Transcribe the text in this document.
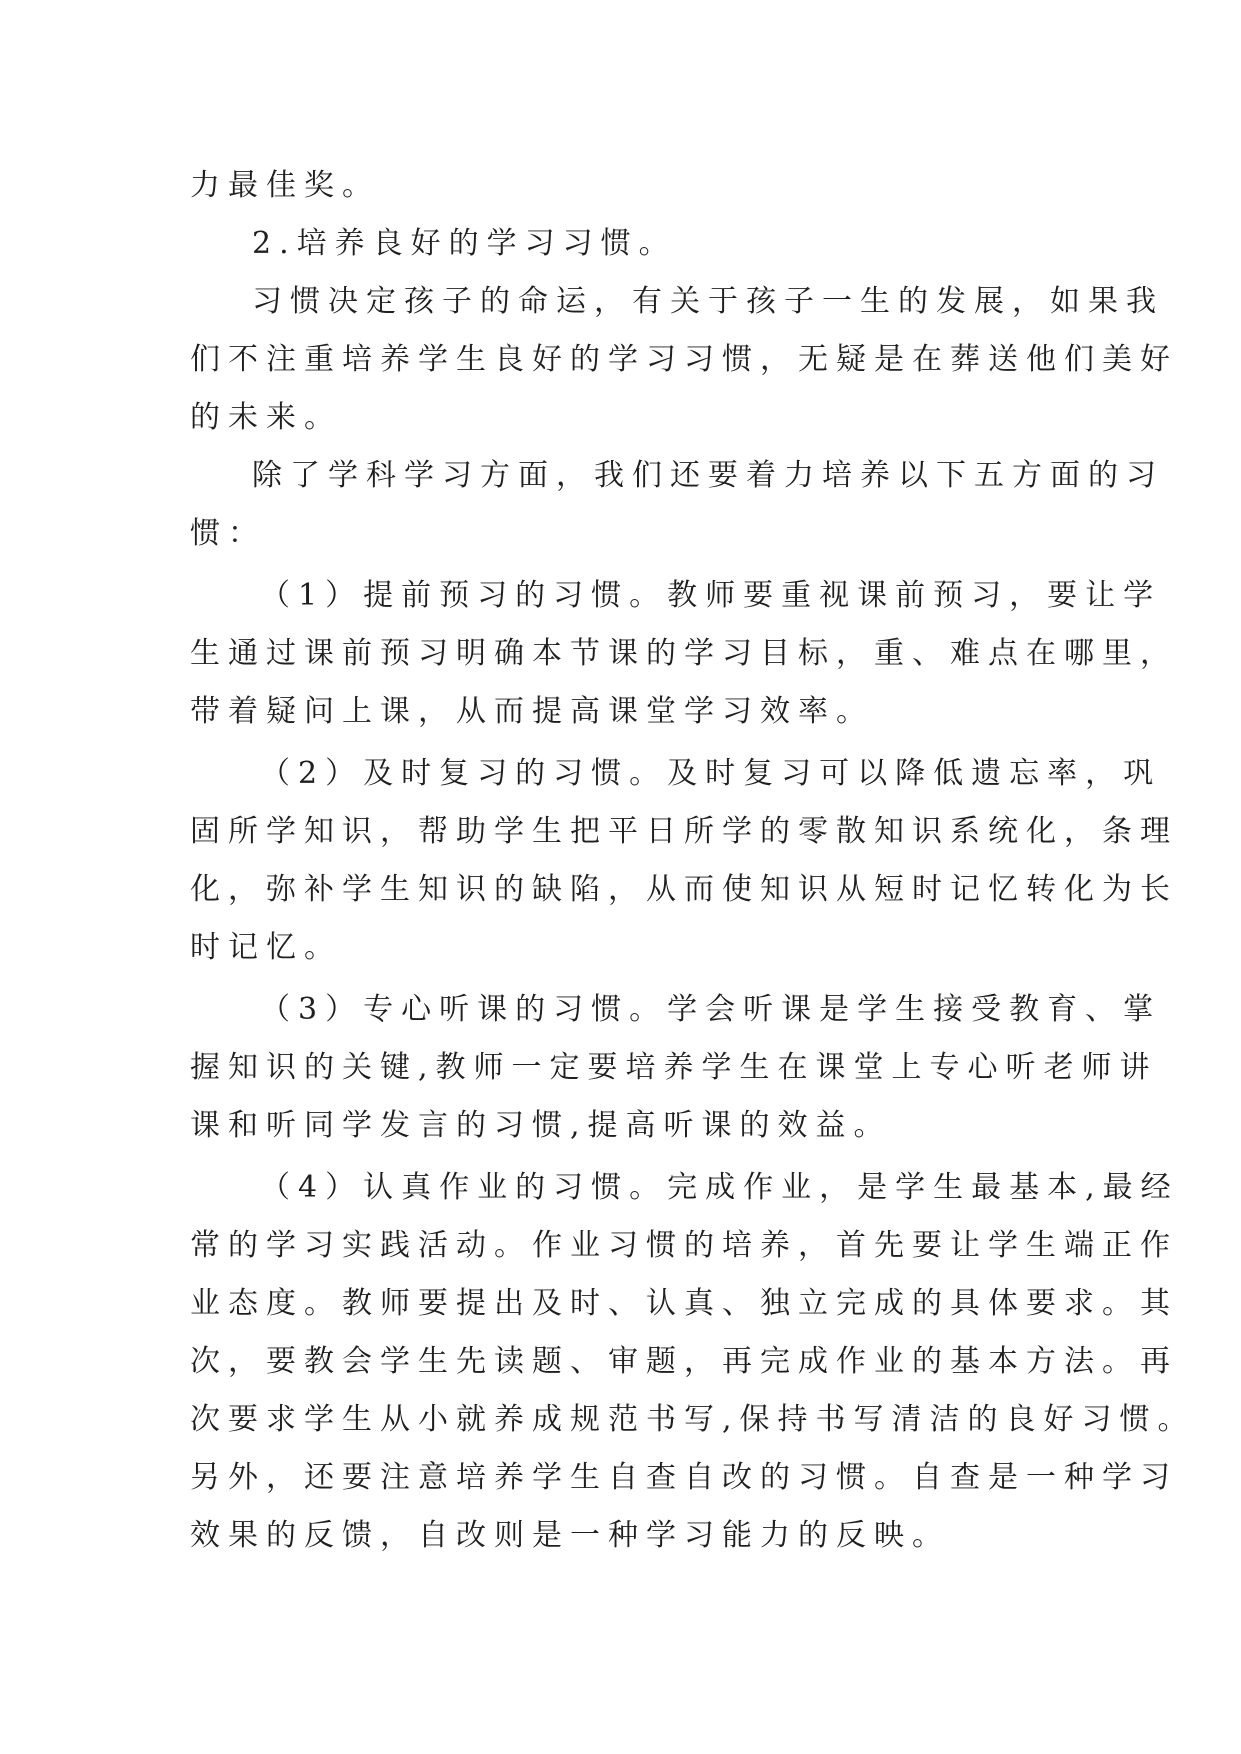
力最佳奖。
2.培养良好的学习习惯。
习惯决定孩子的命运，有关于孩子一生的发展，如果我
们不注重培养学生良好的学习习惯，无疑是在葬送他们美好
的未来。
除了学科学习方面，我们还要着力培养以下五方面的习
惯：
（1）提前预习的习惯。教师要重视课前预习，要让学
生通过课前预习明确本节课的学习目标，重、难点在哪里，
带着疑问上课，从而提高课堂学习效率。
（2）及时复习的习惯。及时复习可以降低遗忘率，巩
固所学知识，帮助学生把平日所学的零散知识系统化，条理
化，弥补学生知识的缺陷，从而使知识从短时记忆转化为长
时记忆。
（3）专心听课的习惯。学会听课是学生接受教育、掌
握知识的关键,教师一定要培养学生在课堂上专心听老师讲
课和听同学发言的习惯,提高听课的效益。
（4）认真作业的习惯。完成作业，是学生最基本,最经
常的学习实践活动。作业习惯的培养，首先要让学生端正作
业态度。教师要提出及时、认真、独立完成的具体要求。其
次，要教会学生先读题、审题，再完成作业的基本方法。再
次要求学生从小就养成规范书写,保持书写清洁的良好习惯。
另外，还要注意培养学生自查自改的习惯。自查是一种学习
效果的反馈，自改则是一种学习能力的反映。
